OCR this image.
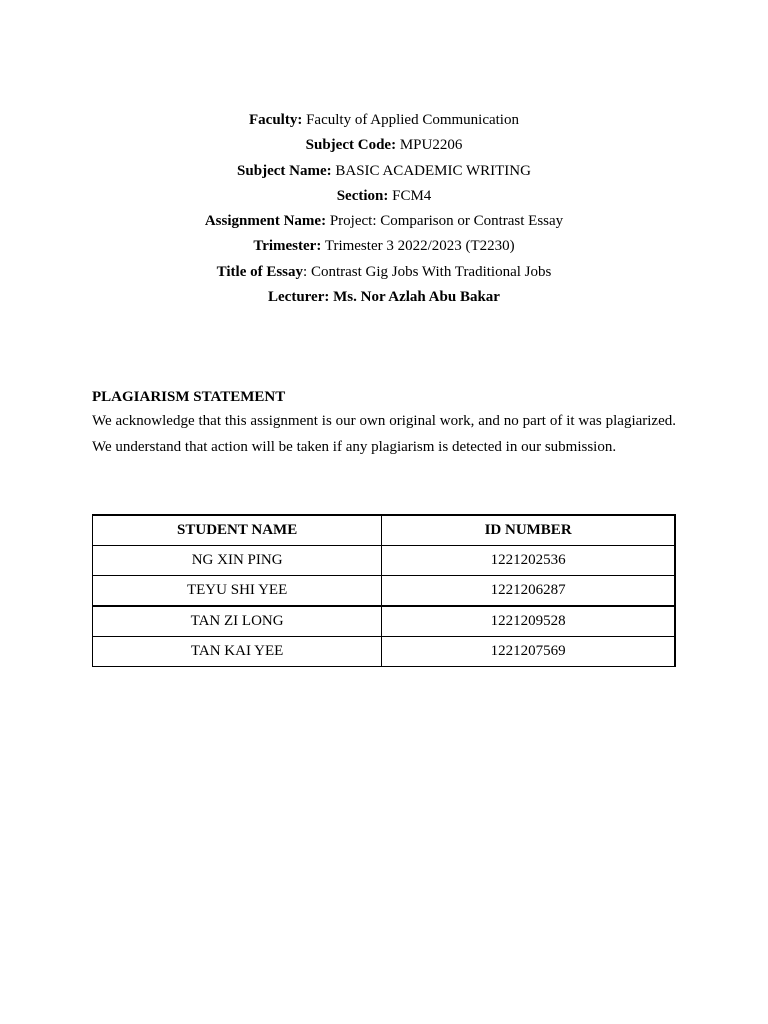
Faculty: Faculty of Applied Communication
Subject Code: MPU2206
Subject Name: BASIC ACADEMIC WRITING
Section: FCM4
Assignment Name: Project: Comparison or Contrast Essay
Trimester: Trimester 3 2022/2023 (T2230)
Title of Essay: Contrast Gig Jobs With Traditional Jobs
Lecturer: Ms. Nor Azlah Abu Bakar
PLAGIARISM STATEMENT
We acknowledge that this assignment is our own original work, and no part of it was plagiarized. We understand that action will be taken if any plagiarism is detected in our submission.
STUDENT NAME	ID NUMBER
NG XIN PING	1221202536
TEYU SHI YEE	1221206287
TAN ZI LONG	1221209528
TAN KAI YEE	1221207569
